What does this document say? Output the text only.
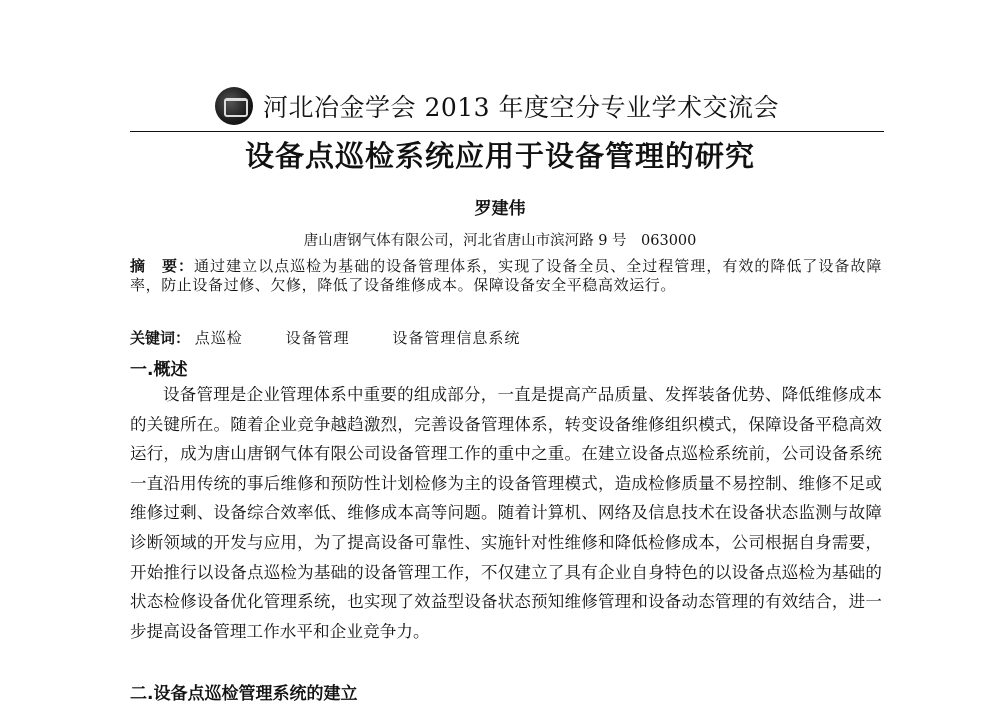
河北冶金学会 2013 年度空分专业学术交流会
设备点巡检系统应用于设备管理的研究
罗建伟
唐山唐钢气体有限公司，河北省唐山市滨河路 9 号　063000
摘　要：通过建立以点巡检为基础的设备管理体系，实现了设备全员、全过程管理，有效的降低了设备故障率，防止设备过修、欠修，降低了设备维修成本。保障设备安全平稳高效运行。
关键词： 点巡检	设备管理	设备管理信息系统
一.概述
设备管理是企业管理体系中重要的组成部分，一直是提高产品质量、发挥装备优势、降低维修成本的关键所在。随着企业竞争越趋激烈，完善设备管理体系，转变设备维修组织模式，保障设备平稳高效运行，成为唐山唐钢气体有限公司设备管理工作的重中之重。在建立设备点巡检系统前，公司设备系统一直沿用传统的事后维修和预防性计划检修为主的设备管理模式，造成检修质量不易控制、维修不足或维修过剩、设备综合效率低、维修成本高等问题。随着计算机、网络及信息技术在设备状态监测与故障诊断领域的开发与应用，为了提高设备可靠性、实施针对性维修和降低检修成本，公司根据自身需要，开始推行以设备点巡检为基础的设备管理工作，不仅建立了具有企业自身特色的以设备点巡检为基础的状态检修设备优化管理系统，也实现了效益型设备状态预知维修管理和设备动态管理的有效结合，进一步提高设备管理工作水平和企业竞争力。
二.设备点巡检管理系统的建立
